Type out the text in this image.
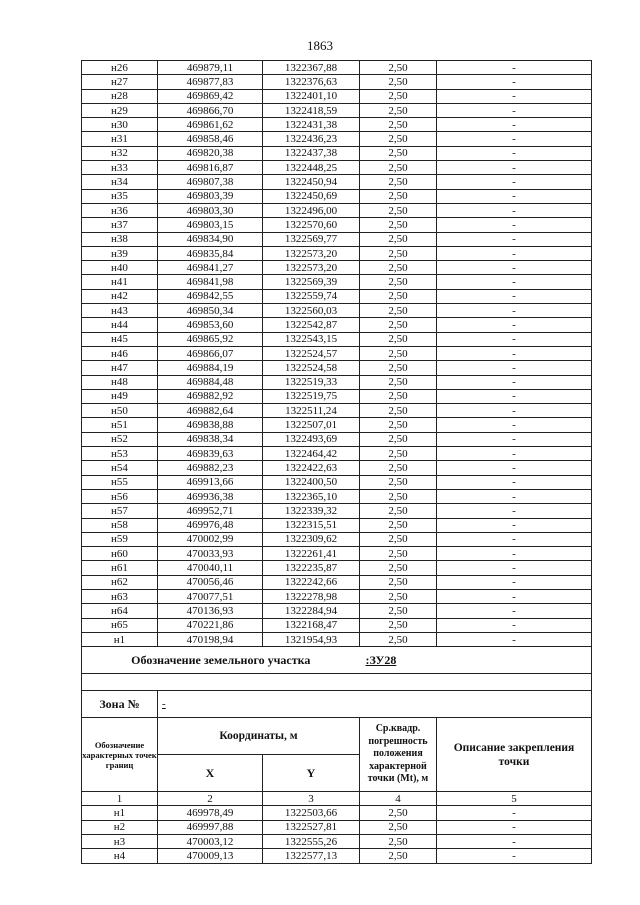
1863
н26	469879,11	1322367,88	2,50	-
н27	469877,83	1322376,63	2,50	-
н28	469869,42	1322401,10	2,50	-
н29	469866,70	1322418,59	2,50	-
н30	469861,62	1322431,38	2,50	-
н31	469858,46	1322436,23	2,50	-
н32	469820,38	1322437,38	2,50	-
н33	469816,87	1322448,25	2,50	-
н34	469807,38	1322450,94	2,50	-
н35	469803,39	1322450,69	2,50	-
н36	469803,30	1322496,00	2,50	-
н37	469803,15	1322570,60	2,50	-
н38	469834,90	1322569,77	2,50	-
н39	469835,84	1322573,20	2,50	-
н40	469841,27	1322573,20	2,50	-
н41	469841,98	1322569,39	2,50	-
н42	469842,55	1322559,74	2,50	-
н43	469850,34	1322560,03	2,50	-
н44	469853,60	1322542,87	2,50	-
н45	469865,92	1322543,15	2,50	-
н46	469866,07	1322524,57	2,50	-
н47	469884,19	1322524,58	2,50	-
н48	469884,48	1322519,33	2,50	-
н49	469882,92	1322519,75	2,50	-
н50	469882,64	1322511,24	2,50	-
н51	469838,88	1322507,01	2,50	-
н52	469838,34	1322493,69	2,50	-
н53	469839,63	1322464,42	2,50	-
н54	469882,23	1322422,63	2,50	-
н55	469913,66	1322400,50	2,50	-
н56	469936,38	1322365,10	2,50	-
н57	469952,71	1322339,32	2,50	-
н58	469976,48	1322315,51	2,50	-
н59	470002,99	1322309,62	2,50	-
н60	470033,93	1322261,41	2,50	-
н61	470040,11	1322235,87	2,50	-
н62	470056,46	1322242,66	2,50	-
н63	470077,51	1322278,98	2,50	-
н64	470136,93	1322284,94	2,50	-
н65	470221,86	1322168,47	2,50	-
н1	470198,94	1321954,93	2,50	-
Обозначение земельного участка			:ЗУ28	

Зона №	-			
Обозначение характерных точек границ	Координаты, м		Ср.квадр. погрешность положения характерной точки (Mt), м	Описание закрепления точки
	X	Y		
1	2	3	4	5
н1	469978,49	1322503,66	2,50	-
н2	469997,88	1322527,81	2,50	-
н3	470003,12	1322555,26	2,50	-
н4	470009,13	1322577,13	2,50	-
